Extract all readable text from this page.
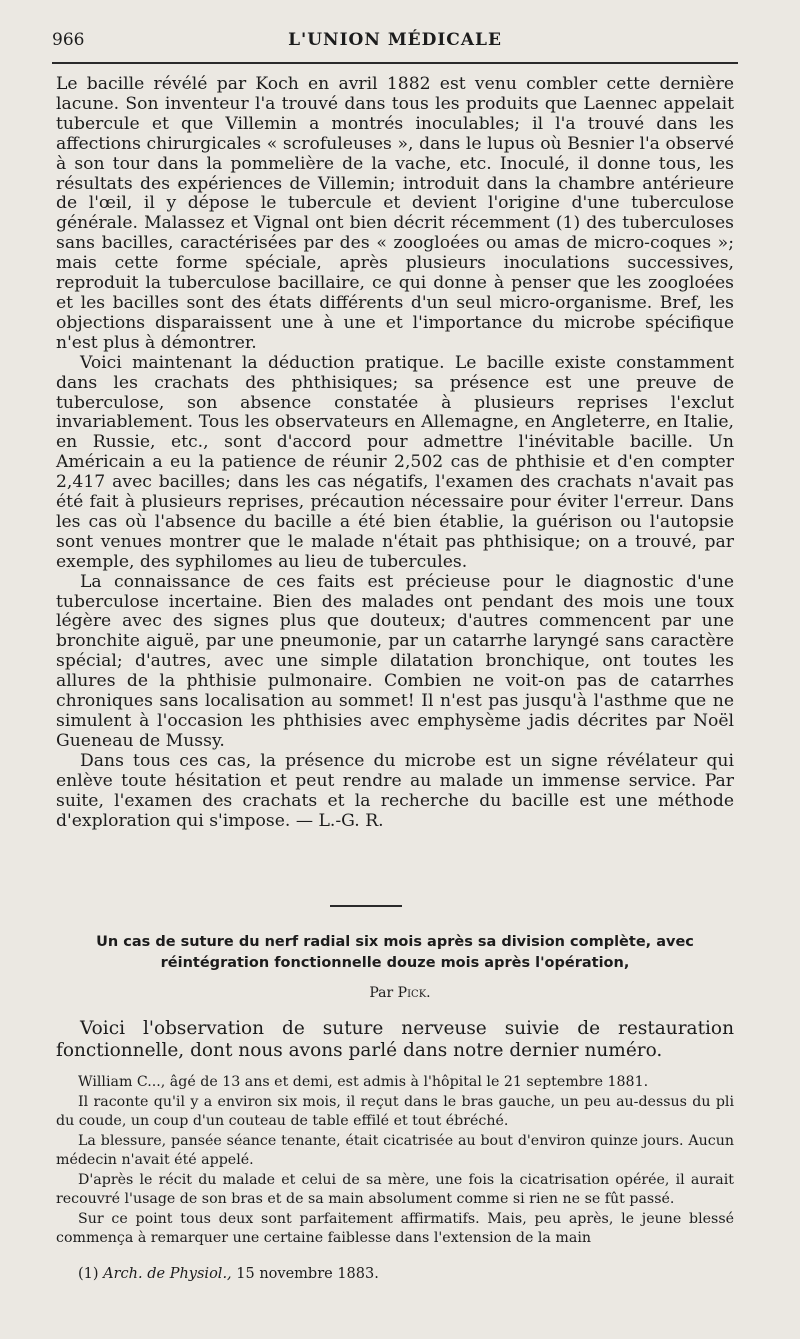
966	L'UNION MÉDICALE

Le bacille révélé par Koch en avril 1882 est venu combler cette dernière lacune. Son inventeur l'a trouvé dans tous les produits que Laennec appelait tubercule et que Villemin a montrés inoculables; il l'a trouvé dans les affections chirurgicales « scrofuleuses », dans le lupus où Besnier l'a observé à son tour dans la pommelière de la vache, etc. Inoculé, il donne tous, les résultats des expériences de Villemin; introduit dans la chambre antérieure de l'œil, il y dépose le tubercule et devient l'origine d'une tuberculose générale. Malassez et Vignal ont bien décrit récemment (1) des tuberculoses sans bacilles, caractérisées par des « zoogloées ou amas de micro-coques »; mais cette forme spéciale, après plusieurs inoculations successives, reproduit la tuberculose bacillaire, ce qui donne à penser que les zoogloées et les bacilles sont des états différents d'un seul micro-organisme. Bref, les objections disparaissent une à une et l'importance du microbe spécifique n'est plus à démontrer.

Voici maintenant la déduction pratique. Le bacille existe constamment dans les crachats des phthisiques; sa présence est une preuve de tuberculose, son absence constatée à plusieurs reprises l'exclut invariablement. Tous les observateurs en Allemagne, en Angleterre, en Italie, en Russie, etc., sont d'accord pour admettre l'inévitable bacille. Un Américain a eu la patience de réunir 2,502 cas de phthisie et d'en compter 2,417 avec bacilles; dans les cas négatifs, l'examen des crachats n'avait pas été fait à plusieurs reprises, précaution nécessaire pour éviter l'erreur. Dans les cas où l'absence du bacille a été bien établie, la guérison ou l'autopsie sont venues montrer que le malade n'était pas phthisique; on a trouvé, par exemple, des syphilomes au lieu de tubercules.

La connaissance de ces faits est précieuse pour le diagnostic d'une tuberculose incertaine. Bien des malades ont pendant des mois une toux légère avec des signes plus que douteux; d'autres commencent par une bronchite aiguë, par une pneumonie, par un catarrhe laryngé sans caractère spécial; d'autres, avec une simple dilatation bronchique, ont toutes les allures de la phthisie pulmonaire. Combien ne voit-on pas de catarrhes chroniques sans localisation au sommet! Il n'est pas jusqu'à l'asthme que ne simulent à l'occasion les phthisies avec emphysème jadis décrites par Noël Gueneau de Mussy.

Dans tous ces cas, la présence du microbe est un signe révélateur qui enlève toute hésitation et peut rendre au malade un immense service. Par suite, l'examen des crachats et la recherche du bacille est une méthode d'exploration qui s'impose. — L.-G. R.

Un cas de suture du nerf radial six mois après sa division complète, avec
réintégration fonctionnelle douze mois après l'opération,
Par Pick.

Voici l'observation de suture nerveuse suivie de restauration fonctionnelle, dont nous avons parlé dans notre dernier numéro.

William C..., âgé de 13 ans et demi, est admis à l'hôpital le 21 septembre 1881.

Il raconte qu'il y a environ six mois, il reçut dans le bras gauche, un peu au-dessus du pli du coude, un coup d'un couteau de table effilé et tout ébréché.

La blessure, pansée séance tenante, était cicatrisée au bout d'environ quinze jours. Aucun médecin n'avait été appelé.

D'après le récit du malade et celui de sa mère, une fois la cicatrisation opérée, il aurait recouvré l'usage de son bras et de sa main absolument comme si rien ne se fût passé.

Sur ce point tous deux sont parfaitement affirmatifs. Mais, peu après, le jeune blessé commença à remarquer une certaine faiblesse dans l'extension de la main

(1) Arch. de Physiol., 15 novembre 1883.
